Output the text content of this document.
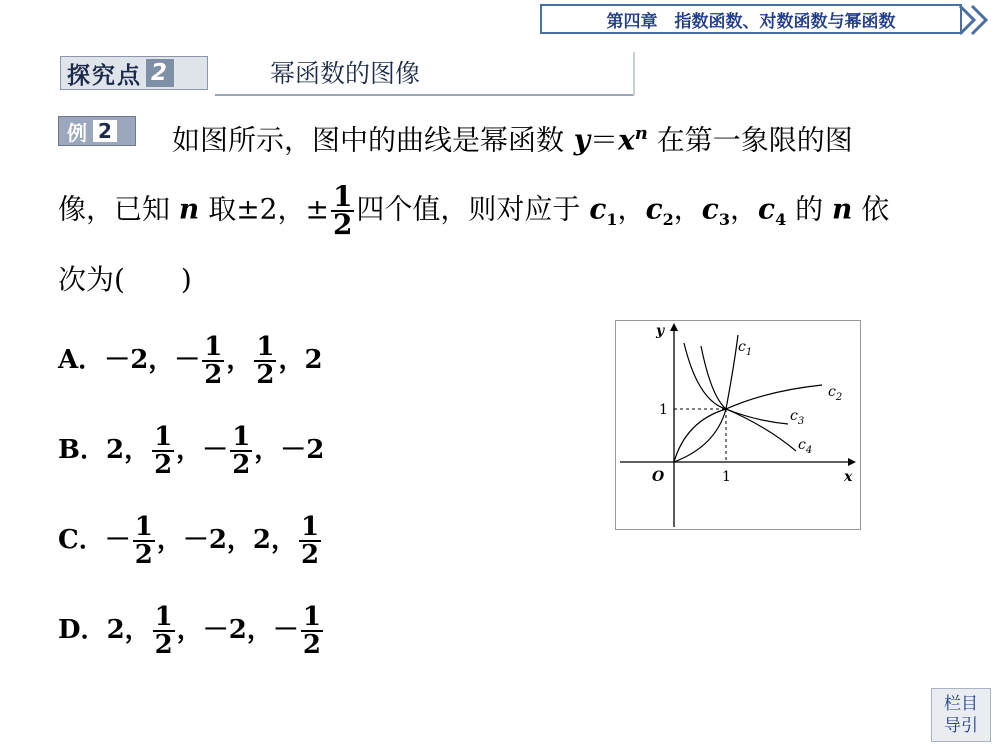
第四章　指数函数、对数函数与幂函数
探究点 2	幂函数的图像
例 2 如图所示，图中的曲线是幂函数 $y=x^n$ 在第一象限的图
像，已知 n 取±2，± $\frac{1}{2}$ 四个值，则对应于 $c_1$，$c_2$，$c_3$，$c_4$ 的 n 依
次为(　　)
A．－2，－ $\frac{1}{2}$ ， $\frac{1}{2}$ ，2
B．2， $\frac{1}{2}$ ，－ $\frac{1}{2}$ ，－2
C．－ $\frac{1}{2}$ ，－2，2， $\frac{1}{2}$
D．2， $\frac{1}{2}$ ，－2，－ $\frac{1}{2}$
y
x
O	1
1
$c_1$
$c_2$
$c_3$
$c_4$
栏目
导引
